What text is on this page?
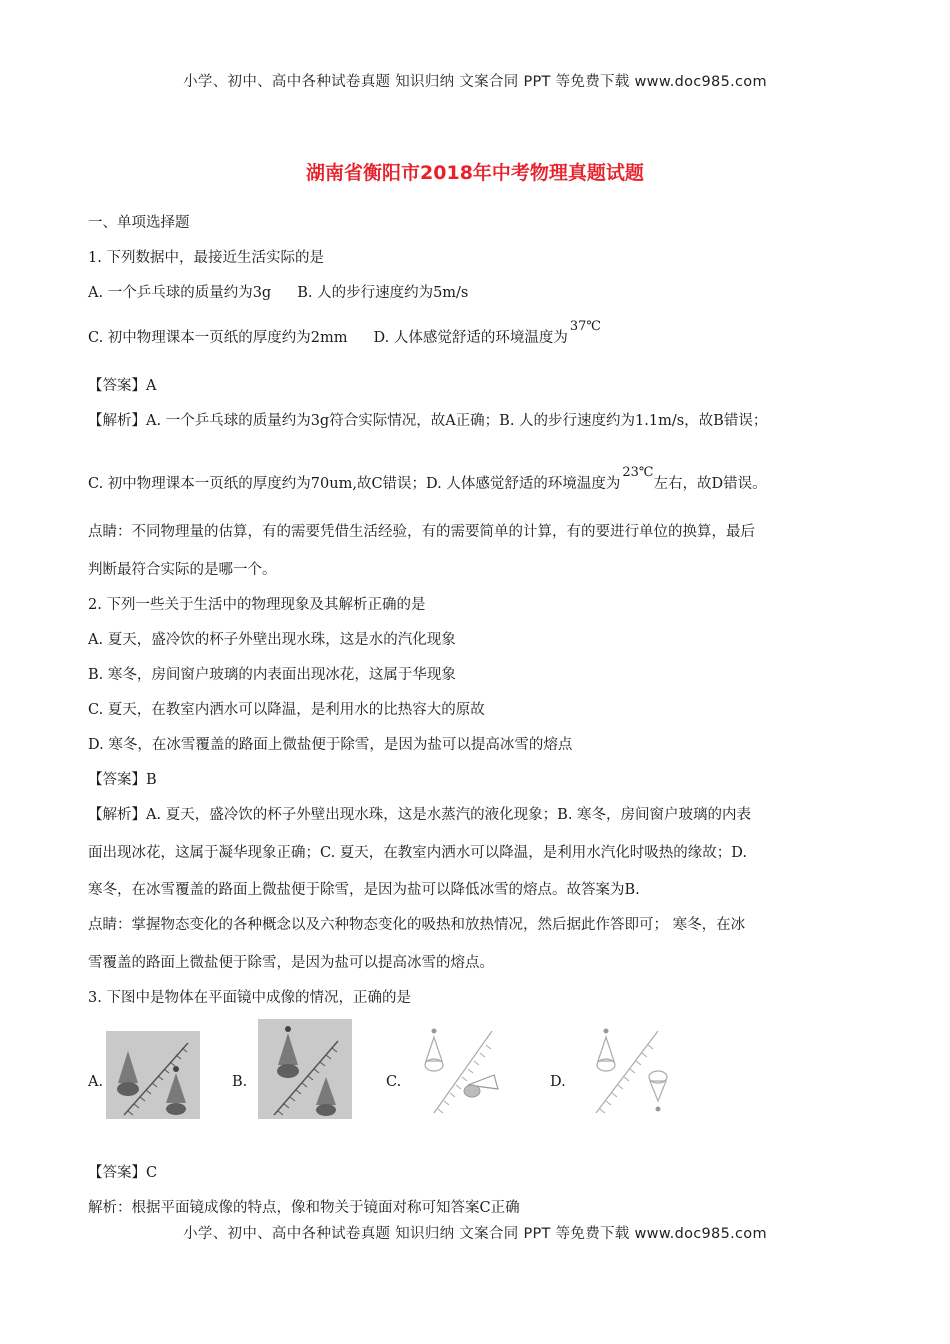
小学、初中、高中各种试卷真题 知识归纳 文案合同 PPT 等免费下载 www.doc985.com
湖南省衡阳市2018年中考物理真题试题
一、单项选择题
1. 下列数据中，最接近生活实际的是
A. 一个乒乓球的质量约为3g B. 人的步行速度约为5m/s
C. 初中物理课本一页纸的厚度约为2mm D. 人体感觉舒适的环境温度为37℃
【答案】A
【解析】A. 一个乒乓球的质量约为3g符合实际情况，故A正确；B. 人的步行速度约为1.1m/s，故B错误；
C. 初中物理课本一页纸的厚度约为70um,故C错误；D. 人体感觉舒适的环境温度为23℃左右，故D错误。
点睛：不同物理量的估算，有的需要凭借生活经验，有的需要简单的计算，有的要进行单位的换算，最后
判断最符合实际的是哪一个。
2. 下列一些关于生活中的物理现象及其解析正确的是
A. 夏天，盛冷饮的杯子外壁出现水珠，这是水的汽化现象
B. 寒冬，房间窗户玻璃的内表面出现冰花，这属于华现象
C. 夏天，在教室内洒水可以降温，是利用水的比热容大的原故
D. 寒冬，在冰雪覆盖的路面上微盐便于除雪，是因为盐可以提高冰雪的熔点
【答案】B
【解析】A. 夏天，盛冷饮的杯子外壁出现水珠，这是水蒸汽的液化现象；B. 寒冬，房间窗户玻璃的内表
面出现冰花，这属于凝华现象正确；C. 夏天，在教室内洒水可以降温，是利用水汽化时吸热的缘故；D.
寒冬，在冰雪覆盖的路面上微盐便于除雪，是因为盐可以降低冰雪的熔点。故答案为B.
点睛：掌握物态变化的各种概念以及六种物态变化的吸热和放热情况，然后据此作答即可； 寒冬，在冰
雪覆盖的路面上微盐便于除雪，是因为盐可以提高冰雪的熔点。
3. 下图中是物体在平面镜中成像的情况，正确的是
A.	B.	C.	D.
【答案】C
解析：根据平面镜成像的特点，像和物关于镜面对称可知答案C正确
小学、初中、高中各种试卷真题 知识归纳 文案合同 PPT 等免费下载 www.doc985.com
